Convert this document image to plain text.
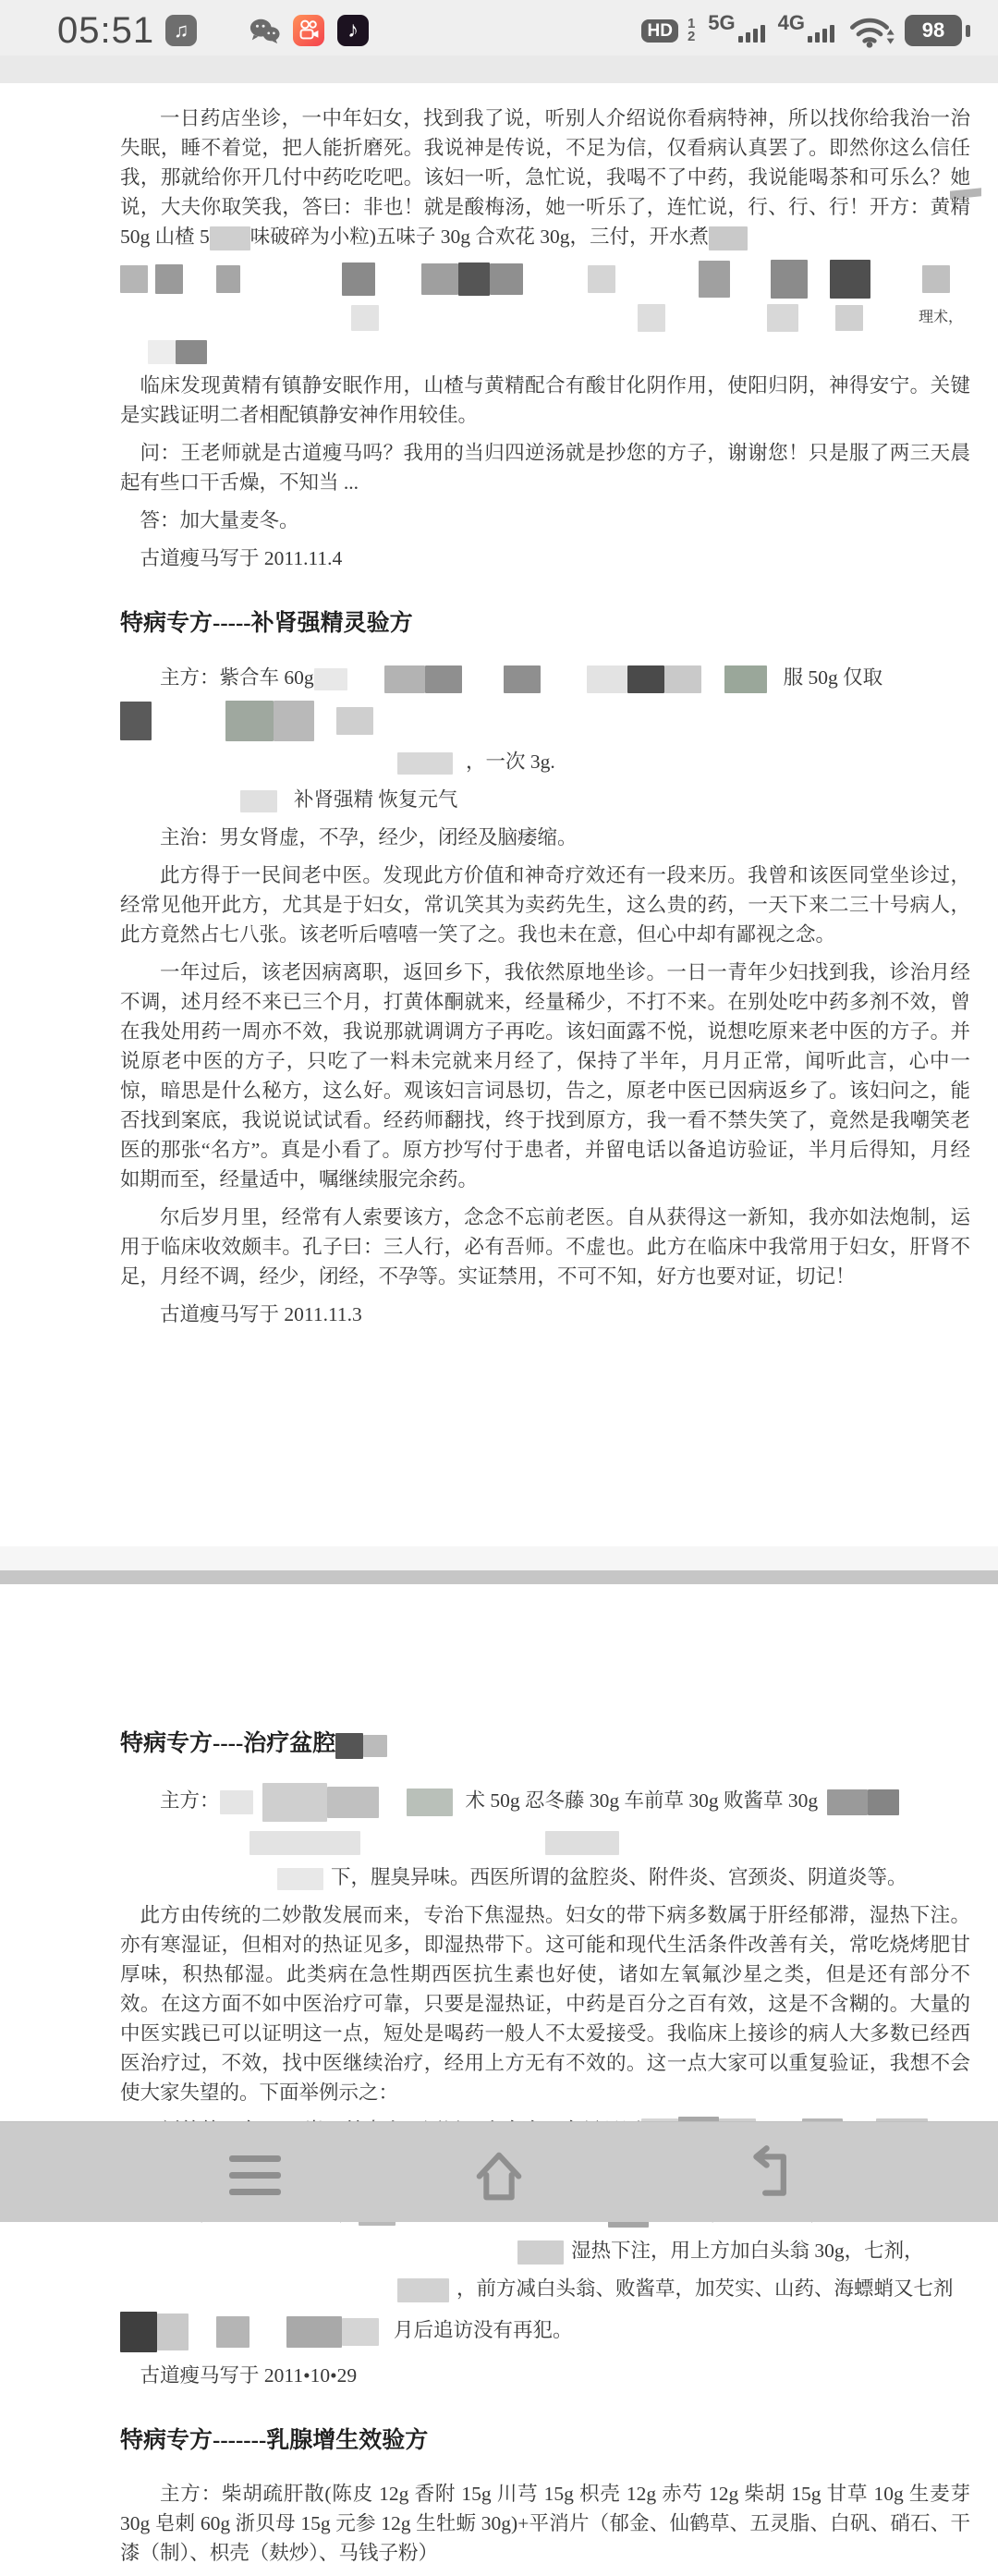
05:51 ♫	♪	HD	1
2
5G 4G	98
一日药店坐诊，一中年妇女，找到我了说，听别人介绍说你看病特神，所以找你给我治一治失眠，睡不着觉，把人能折磨死。我说神是传说，不足为信，仅看病认真罢了。即然你这么信任我，那就给你开几付中药吃吃吧。该妇一听，急忙说，我喝不了中药，我说能喝茶和可乐么？她说，大夫你取笑我，答曰：非也！就是酸梅汤，她一听乐了，连忙说，行、行、行！开方：黄精 50g 山楂 5 味破碎为小粒)五味子 30g 合欢花 30g，三付，开水煮
理术，
临床发现黄精有镇静安眠作用，山楂与黄精配合有酸甘化阴作用，使阳归阴，神得安宁。关键是实践证明二者相配镇静安神作用较佳。
问：王老师就是古道瘦马吗？我用的当归四逆汤就是抄您的方子，谢谢您！只是服了两三天晨起有些口干舌燥，不知当 ...
答：加大量麦冬。
古道瘦马写于 2011.11.4
特病专方-----补肾强精灵验方
主方：紫合车 60g	服 50g 仅取
，一次 3g.
补肾强精 恢复元气
主治：男女肾虚，不孕，经少，闭经及脑痿缩。
此方得于一民间老中医。发现此方价值和神奇疗效还有一段来历。我曾和该医同堂坐诊过，经常见他开此方，尤其是于妇女，常讥笑其为卖药先生，这么贵的药，一天下来二三十号病人，此方竟然占七八张。该老听后嘻嘻一笑了之。我也未在意，但心中却有鄙视之念。
一年过后，该老因病离职，返回乡下，我依然原地坐诊。一日一青年少妇找到我，诊治月经不调，述月经不来已三个月，打黄体酮就来，经量稀少，不打不来。在别处吃中药多剂不效，曾在我处用药一周亦不效，我说那就调调方子再吃。该妇面露不悦，说想吃原来老中医的方子。并说原老中医的方子，只吃了一料未完就来月经了，保持了半年，月月正常，闻听此言，心中一惊，暗思是什么秘方，这么好。观该妇言词恳切，告之，原老中医已因病返乡了。该妇问之，能否找到案底，我说说试试看。经药师翻找，终于找到原方，我一看不禁失笑了，竟然是我嘲笑老医的那张“名方”。真是小看了。原方抄写付于患者，并留电话以备追访验证，半月后得知，月经如期而至，经量适中，嘱继续服完余药。
尔后岁月里，经常有人索要该方，念念不忘前老医。自从获得这一新知，我亦如法炮制，运用于临床收效颇丰。孔子曰：三人行，必有吾师。不虚也。此方在临床中我常用于妇女，肝肾不足，月经不调，经少，闭经，不孕等。实证禁用，不可不知，好方也要对证，切记！
古道瘦马写于 2011.11.3
特病专方----治疗盆腔
主方：	术 50g 忍冬藤 30g 车前草 30g 败酱草 30g
下，腥臭异味。西医所谓的盆腔炎、附件炎、宫颈炎、阴道炎等。
此方由传统的二妙散发展而来，专治下焦湿热。妇女的带下病多数属于肝经郁滞，湿热下注。亦有寒湿证，但相对的热证见多，即湿热带下。这可能和现代生活条件改善有关，常吃烧烤肥甘厚味，积热郁湿。此类病在急性期西医抗生素也好使，诸如左氧氟沙星之类，但是还有部分不效。在这方面不如中医治疗可靠，只要是湿热证，中药是百分之百有效，这是不含糊的。大量的中医实践已可以证明这一点，短处是喝药一般人不太爱接受。我临床上接诊的病人大多数已经西医治疗过，不效，找中医继续治疗，经用上方无有不效的。这一点大家可以重复验证，我想不会使大家失望的。下面举例示之：
湿热下注，用上方加白头翁 30g，七剂，
，前方减白头翁、败酱草，加芡实、山药、海螵蛸又七剂
月后追访没有再犯。
古道瘦马写于 2011•10•29
特病专方-------乳腺增生效验方
主方：柴胡疏肝散(陈皮 12g 香附 15g 川芎 15g 枳壳 12g 赤芍 12g 柴胡 15g 甘草 10g 生麦芽 30g 皂刺 60g 浙贝母 15g 元参 12g 生牡蛎 30g)+平消片（郁金、仙鹤草、五灵脂、白矾、硝石、干漆（制）、枳壳（麸炒）、马钱子粉）
